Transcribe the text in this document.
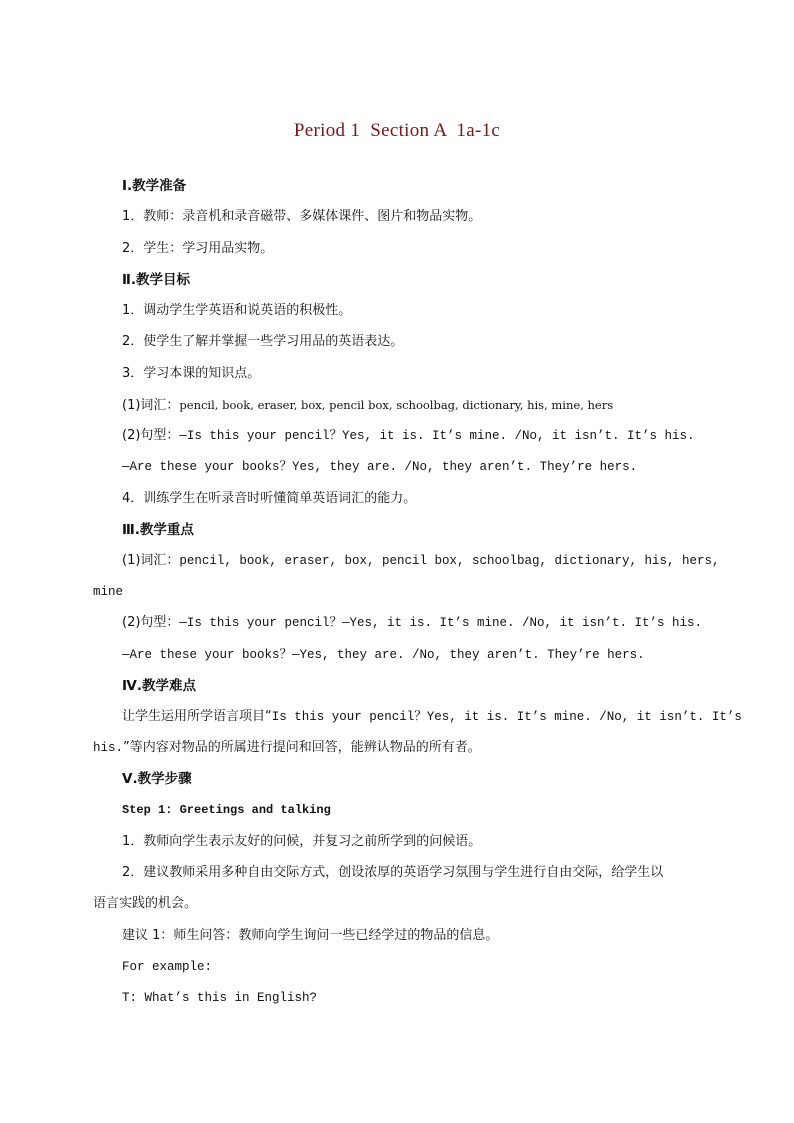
Period 1  Section A  1a-1c
Ⅰ.教学准备
1．教师：录音机和录音磁带、多媒体课件、图片和物品实物。
2．学生：学习用品实物。
Ⅱ.教学目标
1．调动学生学英语和说英语的积极性。
2．使学生了解并掌握一些学习用品的英语表达。
3．学习本课的知识点。
(1)词汇：pencil, book, eraser, box, pencil box, schoolbag, dictionary, his, mine, hers
(2)句型：—Is this your pencil？Yes, it is. It’s mine. /No, it isn’t. It’s his.
—Are these your books？Yes, they are. /No, they aren’t. They’re hers.
4．训练学生在听录音时听懂简单英语词汇的能力。
Ⅲ.教学重点
(1)词汇：pencil, book, eraser, box, pencil box, schoolbag, dictionary, his, hers,
mine
(2)句型：—Is this your pencil？—Yes, it is. It’s mine. /No, it isn’t. It’s his.
—Are these your books？—Yes, they are. /No, they aren’t. They’re hers.
Ⅳ.教学难点
让学生运用所学语言项目“Is this your pencil？Yes, it is. It’s mine. /No, it isn’t. It’s
his.”等内容对物品的所属进行提问和回答，能辨认物品的所有者。
Ⅴ.教学步骤
Step 1: Greetings and talking
1．教师向学生表示友好的问候，并复习之前所学到的问候语。
2．建议教师采用多种自由交际方式，创设浓厚的英语学习氛围与学生进行自由交际，给学生以
语言实践的机会。
建议 1：师生问答：教师向学生询问一些已经学过的物品的信息。
For example:
T: What’s this in English?
